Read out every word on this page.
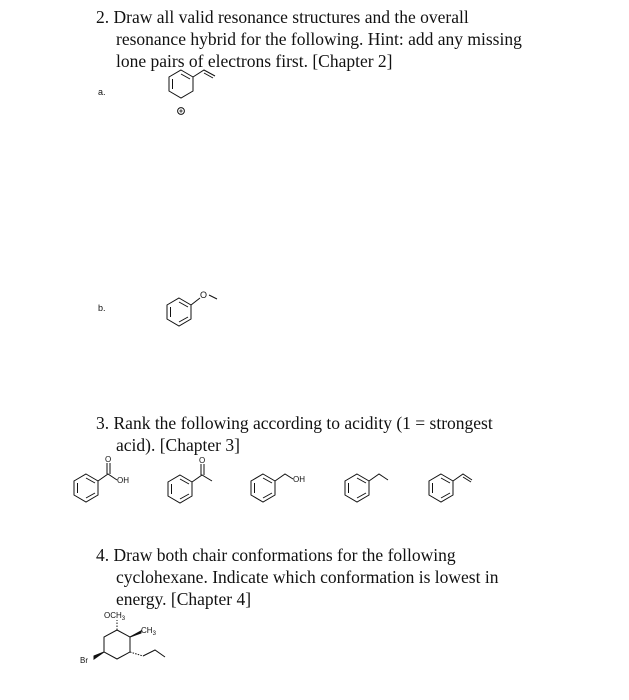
2. Draw all valid resonance structures and the overall
resonance hybrid for the following. Hint: add any missing
lone pairs of electrons first. [Chapter 2]
a.
b.
3. Rank the following according to acidity (1 = strongest
acid). [Chapter 3]
4. Draw both chair conformations for the following
cyclohexane. Indicate which conformation is lowest in
energy. [Chapter 4]
O
O
OH
O
OH
$OCH_3$
$CH_3$
Br
